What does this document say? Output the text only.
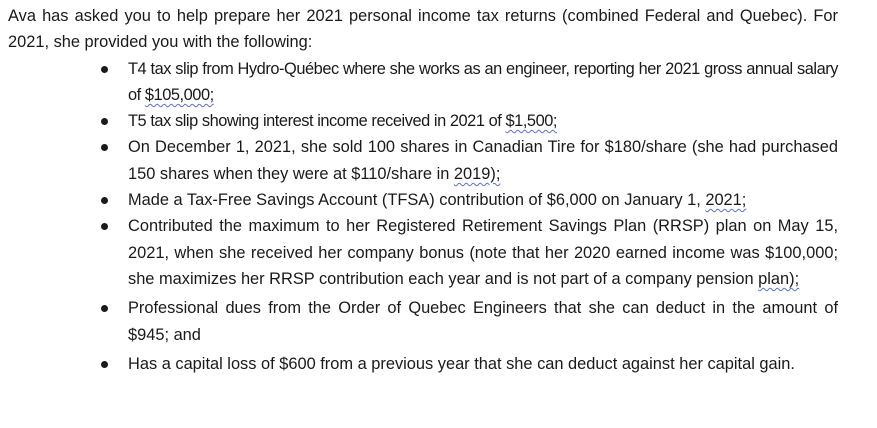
Ava has asked you to help prepare her 2021 personal income tax returns (combined Federal and Quebec). For 2021, she provided you with the following:

T4 tax slip from Hydro-Québec where she works as an engineer, reporting her 2021 gross annual salary of $105,000;
T5 tax slip showing interest income received in 2021 of $1,500;
On December 1, 2021, she sold 100 shares in Canadian Tire for $180/share (she had purchased 150 shares when they were at $110/share in 2019);
Made a Tax-Free Savings Account (TFSA) contribution of $6,000 on January 1, 2021;
Contributed the maximum to her Registered Retirement Savings Plan (RRSP) plan on May 15, 2021, when she received her company bonus (note that her 2020 earned income was $100,000; she maximizes her RRSP contribution each year and is not part of a company pension plan);
Professional dues from the Order of Quebec Engineers that she can deduct in the amount of $945; and
Has a capital loss of $600 from a previous year that she can deduct against her capital gain.
